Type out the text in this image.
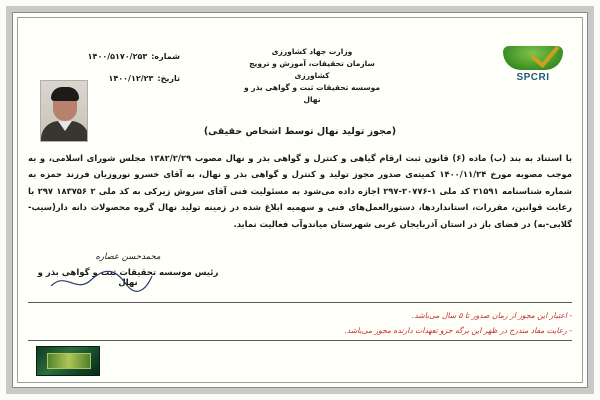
SPCRI
وزارت جهاد کشاورزی
سازمان تحقیقات، آموزش و ترویج کشاورزی
موسسه تحقیقات ثبت و گواهی بذر و نهال
شماره:
۱۴۰۰/۵۱۷۰/۲۵۳
تاریخ:
۱۴۰۰/۱۲/۲۳
(مجوز تولید نهال توسط اشخاص حقیقی)
با استناد به بند (ب) ماده (۶) قانون ثبت ارقام گیاهی و کنترل و گواهی بذر و نهال مصوب ۱۳۸۲/۲/۲۹ مجلس شورای اسلامی، و به موجب مصوبه مورخ ۱۴۰۰/۱۱/۲۴ کمیته‌ی صدور مجوز تولید و کنترل و گواهی بذر و نهال، به آقای خسرو نوروزیان فرزند حمزه به شماره شناسنامه ۲۱۵۹۱ کد ملی ۱-۲۰۷۷۶-۲۹۷ اجازه داده می‌شود به مسئولیت فنی آقای سروش زیرکی به کد ملی ۲ ۱۸۳۷۵۶ ۲۹۷ با رعایت قوانین، مقررات، استانداردها، دستورالعمل‌های فنی و سهمیه ابلاغ شده در زمینه تولید نهال گروه محصولات دانه دار(سیب-گلابی-به) در فضای باز در استان آذربایجان غربی شهرستان میاندوآب فعالیت نماید.
محمدحسن عصاره
رئیس موسسه تحقیقات ثبت و گواهی بذر و نهال
- اعتبار این مجوز از زمان صدور تا ۵ سال می‌باشد.
- رعایت مفاد مندرج در ظهر این برگه جزو تعهدات دارنده مجوز می‌باشد.
